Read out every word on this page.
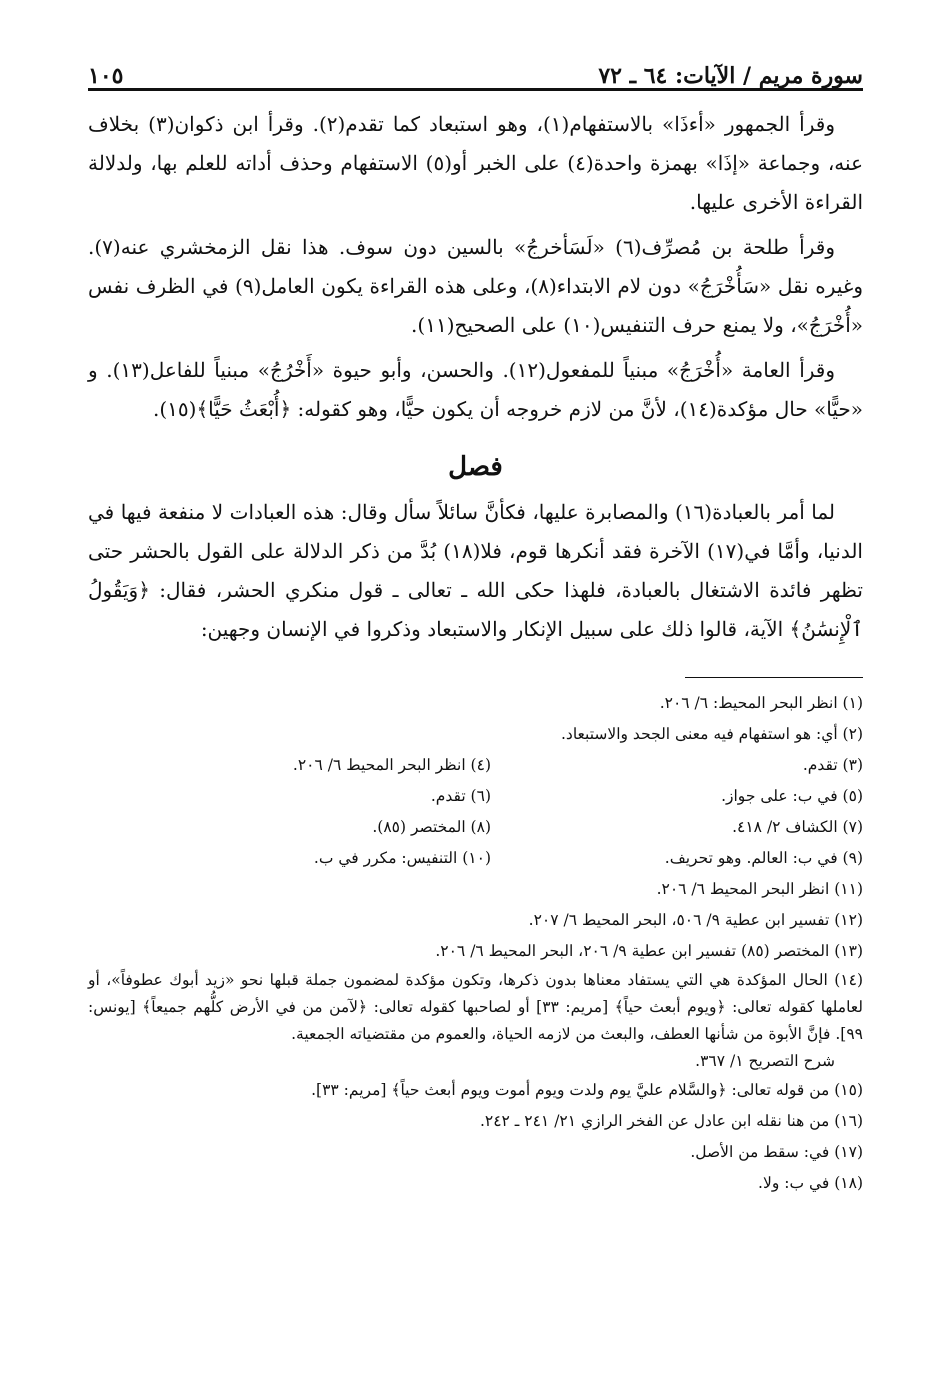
سورة مريم / الآيات: ٦٤ ـ ٧٢
١٠٥

وقرأ الجمهور «أءذَا» بالاستفهام(١)، وهو استبعاد كما تقدم(٢). وقرأ ابن ذكوان(٣) بخلاف عنه، وجماعة «إذَا» بهمزة واحدة(٤) على الخبر أو(٥) الاستفهام وحذف أداته للعلم بها، ولدلالة القراءة الأخرى عليها.

وقرأ طلحة بن مُصرِّف(٦) «لَسَأخرجُ» بالسين دون سوف. هذا نقل الزمخشري عنه(٧). وغيره نقل «سَأُخْرَجُ» دون لام الابتداء(٨)، وعلى هذه القراءة يكون العامل(٩) في الظرف نفس «أُخْرَجُ»، ولا يمنع حرف التنفيس(١٠) على الصحيح(١١).

وقرأ العامة «أُخْرَجُ» مبنياً للمفعول(١٢). والحسن، وأبو حيوة «أَخْرُجُ» مبنياً للفاعل(١٣). و «حيًّا» حال مؤكدة(١٤)، لأنَّ من لازم خروجه أن يكون حيًّا، وهو كقوله: ﴿أُبْعَثُ حَيًّا﴾(١٥).

فصل

لما أمر بالعبادة(١٦) والمصابرة عليها، فكأنَّ سائلاً سأل وقال: هذه العبادات لا منفعة فيها في الدنيا، وأمَّا في(١٧) الآخرة فقد أنكرها قوم، فلا(١٨) بُدَّ من ذكر الدلالة على القول بالحشر حتى تظهر فائدة الاشتغال بالعبادة، فلهذا حكى الله ـ تعالى ـ قول منكري الحشر، فقال: ﴿وَيَقُولُ ٱلْإِنسَٰنُ﴾ الآية، قالوا ذلك على سبيل الإنكار والاستبعاد وذكروا في الإنسان وجهين:

(١) انظر البحر المحيط: ٦/ ٢٠٦.

(٢) أي: هو استفهام فيه معنى الجحد والاستبعاد.

(٣) تقدم.
(٤) انظر البحر المحيط ٦/ ٢٠٦.
(٥) في ب: على جواز.
(٦) تقدم.
(٧) الكشاف ٢/ ٤١٨.
(٨) المختصر (٨٥).
(٩) في ب: العالم. وهو تحريف.
(١٠) التنفيس: مكرر في ب.

(١١) انظر البحر المحيط ٦/ ٢٠٦.

(١٢) تفسير ابن عطية ٩/ ٥٠٦، البحر المحيط ٦/ ٢٠٧.

(١٣) المختصر (٨٥) تفسير ابن عطية ٩/ ٢٠٦، البحر المحيط ٦/ ٢٠٦.

(١٤) الحال المؤكدة هي التي يستفاد معناها بدون ذكرها، وتكون مؤكدة لمضمون جملة قبلها نحو «زيد أبوك عطوفاً»، أو لعاملها كقوله تعالى: ﴿ويوم أبعث حياً﴾ [مريم: ٣٣] أو لصاحبها كقوله تعالى: ﴿لآمن من في الأرض كلُّهم جميعاً﴾ [يونس: ٩٩]. فإنَّ الأبوة من شأنها العطف، والبعث من لازمه الحياة، والعموم من مقتضياته الجمعية.

شرح التصريح ١/ ٣٦٧.

(١٥) من قوله تعالى: ﴿والسَّلام عليَّ يوم ولدت ويوم أموت ويوم أبعث حياً﴾ [مريم: ٣٣].

(١٦) من هنا نقله ابن عادل عن الفخر الرازي ٢١/ ٢٤١ ـ ٢٤٢.

(١٧) في: سقط من الأصل.

(١٨) في ب: ولا.
